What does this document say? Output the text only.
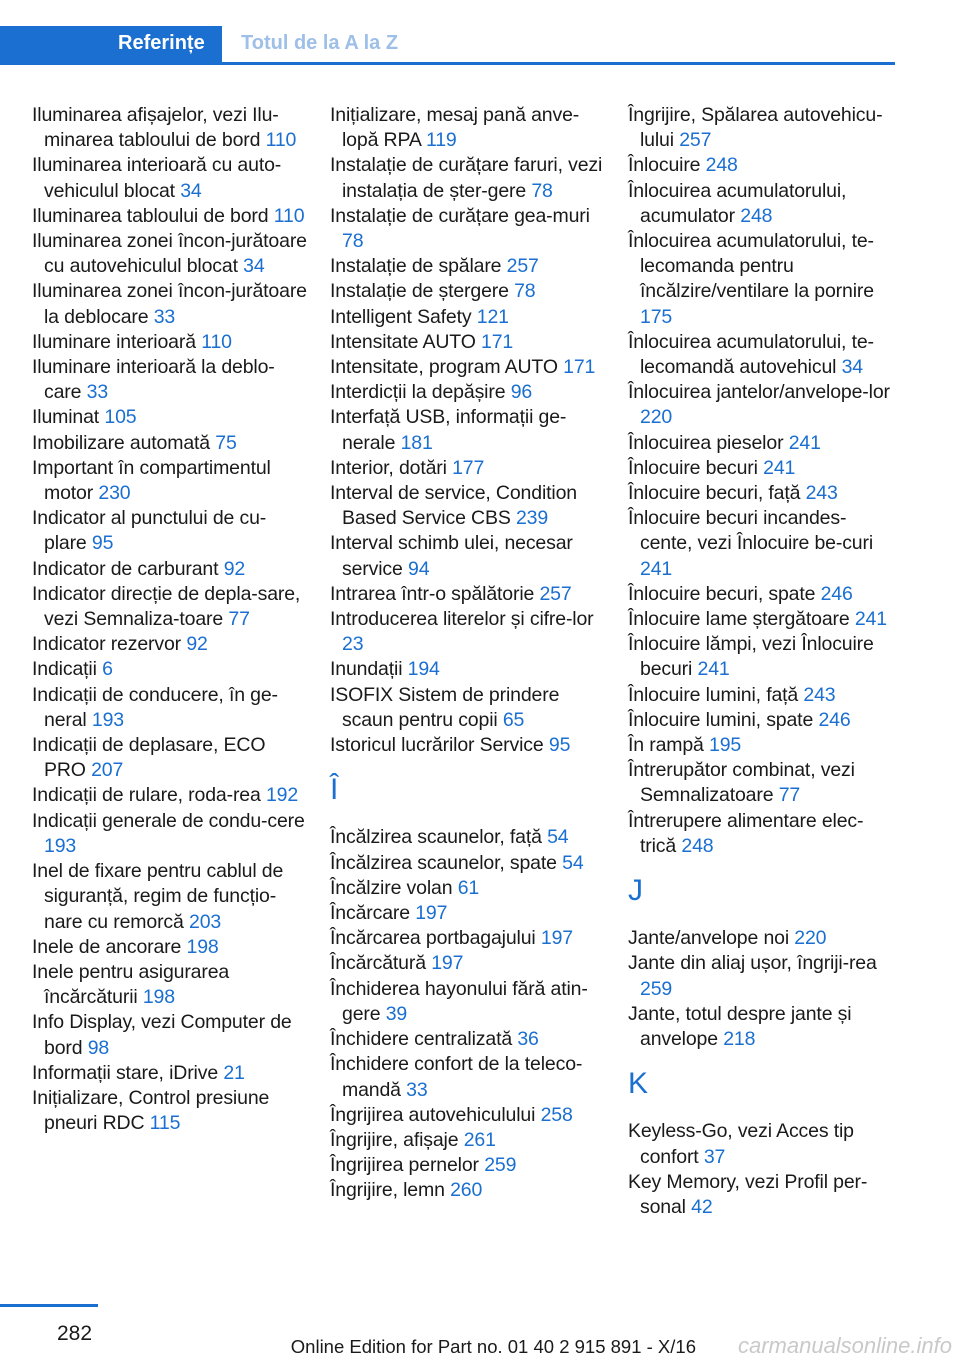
Referințe Totul de la A la Z
Iluminarea afișajelor, vezi Ilu‐minarea tabloului de bord 110
Iluminarea interioară cu auto‐vehiculul blocat 34
Iluminarea tabloului de bord 110
Iluminarea zonei încon‐jurătoare cu autovehiculul blocat 34
Iluminarea zonei încon‐jurătoare la deblocare 33
Iluminare interioară 110
Iluminare interioară la deblo‐care 33
Iluminat 105
Imobilizare automată 75
Important în compartimentul motor 230
Indicator al punctului de cu‐plare 95
Indicator de carburant 92
Indicator direcție de depla‐sare, vezi Semnaliza‐toare 77
Indicator rezervor 92
Indicații 6
Indicații de conducere, în ge‐neral 193
Indicații de deplasare, ECO PRO 207
Indicații de rulare, roda‐rea 192
Indicații generale de condu‐cere 193
Inel de fixare pentru cablul de siguranță, regim de funcțio‐nare cu remorcă 203
Inele de ancorare 198
Inele pentru asigurarea încărcăturii 198
Info Display, vezi Computer de bord 98
Informații stare, iDrive 21
Inițializare, Control presiune pneuri RDC 115
Inițializare, mesaj pană anve‐lopă RPA 119
Instalație de curățare faruri, vezi instalația de șter‐gere 78
Instalație de curățare gea‐muri 78
Instalație de spălare 257
Instalație de ștergere 78
Intelligent Safety 121
Intensitate AUTO 171
Intensitate, program AUTO 171
Interdicții la depășire 96
Interfață USB, informații ge‐nerale 181
Interior, dotări 177
Interval de service, Condition Based Service CBS 239
Interval schimb ulei, necesar service 94
Intrarea într-o spălătorie 257
Introducerea literelor și cifre‐lor 23
Inundații 194
ISOFIX Sistem de prindere scaun pentru copii 65
Istoricul lucrărilor Service 95
Î
Încălzirea scaunelor, față 54
Încălzirea scaunelor, spate 54
Încălzire volan 61
Încărcare 197
Încărcarea portbagajului 197
Încărcătură 197
Închiderea hayonului fără atin‐gere 39
Închidere centralizată 36
Închidere confort de la teleco‐mandă 33
Îngrijirea autovehiculului 258
Îngrijire, afișaje 261
Îngrijirea pernelor 259
Îngrijire, lemn 260
Îngrijire, Spălarea autovehicu‐lului 257
Înlocuire 248
Înlocuirea acumulatorului, acumulator 248
Înlocuirea acumulatorului, te‐lecomanda pentru încălzire/ventilare la pornire 175
Înlocuirea acumulatorului, te‐lecomandă autovehicul 34
Înlocuirea jantelor/anvelope‐lor 220
Înlocuirea pieselor 241
Înlocuire becuri 241
Înlocuire becuri, față 243
Înlocuire becuri incandes‐cente, vezi Înlocuire be‐curi 241
Înlocuire becuri, spate 246
Înlocuire lame ștergătoare 241
Înlocuire lămpi, vezi Înlocuire becuri 241
Înlocuire lumini, față 243
Înlocuire lumini, spate 246
În rampă 195
Întrerupător combinat, vezi Semnalizatoare 77
Întrerupere alimentare elec‐trică 248
J
Jante/anvelope noi 220
Jante din aliaj ușor, îngriji‐rea 259
Jante, totul despre jante și anvelope 218
K
Keyless-Go, vezi Acces tip confort 37
Key Memory, vezi Profil per‐sonal 42
282
Online Edition for Part no. 01 40 2 915 891 - X/16 carmanualsonline.info
